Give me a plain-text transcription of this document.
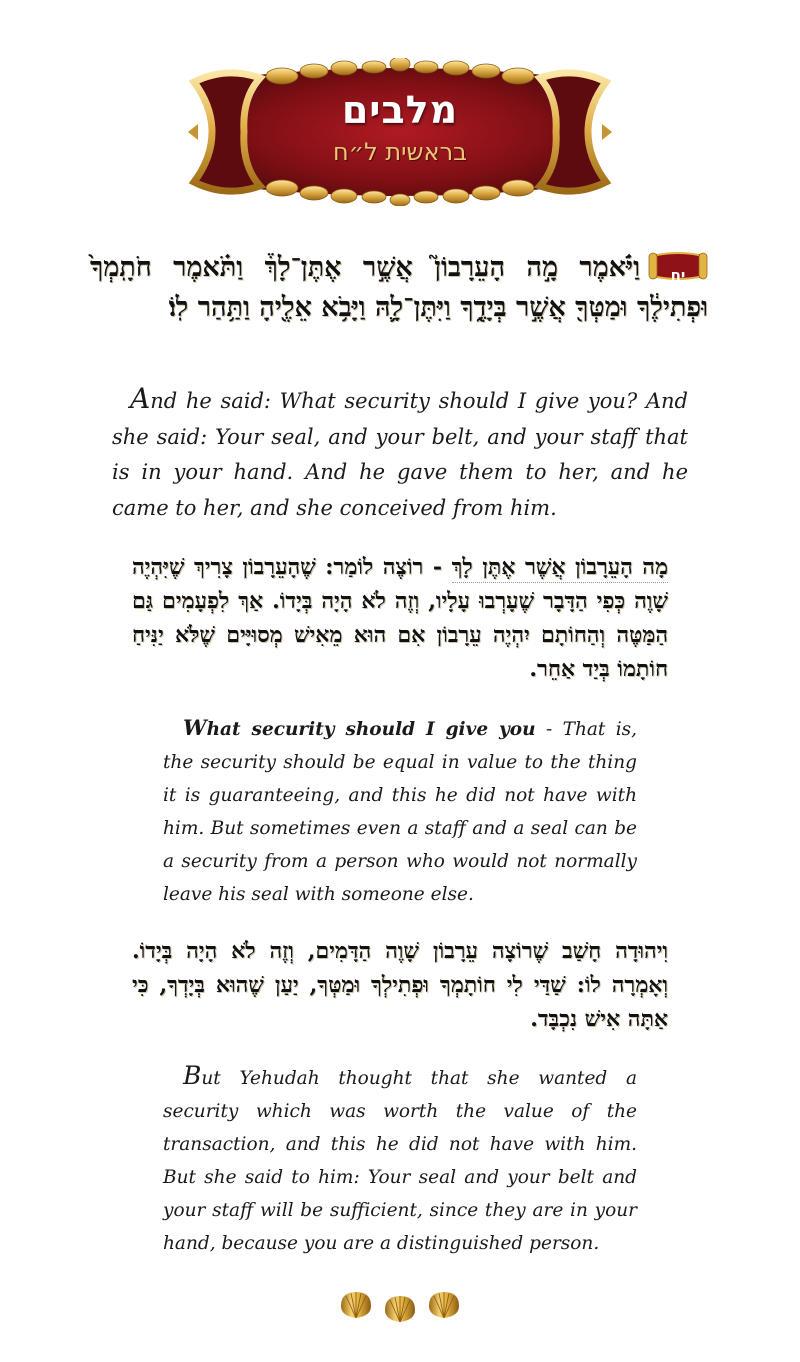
מלבים
בראשית ל״ח
יח
וַיֹּ֗אמֶר מָ֣ה הָעֵרָבוֹן֮ אֲשֶׁ֣ר אֶתֶּן־לָךְ֒ וַתֹּ֗אמֶר חֹתָֽמְךָ֙ וּפְתִילֶ֔ךָ וּמַטְּךָ֖ אֲשֶׁ֣ר בְּיָדֶ֑ךָ וַיִּתֶּן־לָ֛הּ וַיָּבֹ֥א אֵלֶ֖יהָ וַתַּ֥הַר לֽוֹ׃
And he said: What security should I give you? And she said: Your seal, and your belt, and your staff that is in your hand. And he gave them to her, and he came to her, and she conceived from him.
מָה הָעֵרָבוֹן אֲשֶׁר אֶתֶּן לָךְ - רוֹצֶה לוֹמַר: שֶׁהָעֵרָבוֹן צָרִיךְ שֶׁיִּהְיֶה שָׁוֶה כְּפִי הַדָּבָר שֶׁעָרְבוּ עָלָיו, וְזֶה לֹא הָיָה בְּיָדוֹ. אַךְ לִפְעָמִים גַּם הַמַּטֶּה וְהַחוֹתָם יִהְיֶה עֵרָבוֹן אִם הוּא מֵאִישׁ מְסוּיָּים שֶׁלֹּא יַנִּיחַ חוֹתָמוֹ בְּיַד אַחֵר.
What security should I give you - That is, the security should be equal in value to the thing it is guaranteeing, and this he did not have with him. But sometimes even a staff and a seal can be a security from a person who would not normally leave his seal with someone else.
וִיהוּדָה חָשַׁב שֶׁרוֹצָה עֵרָבוֹן שָׁוֶה הַדָּמִים, וְזֶה לֹא הָיָה בְּיָדוֹ. וְאָמְרָה לוֹ: שַׁדַּי לִי חוֹתָמְךָ וּפְתִילְךָ וּמַטְּךָ, יַעַן שֶׁהוּא בְּיָדְךָ, כִּי אַתָּה אִישׁ נִכְבָּד.
But Yehudah thought that she wanted a security which was worth the value of the transaction, and this he did not have with him. But she said to him: Your seal and your belt and your staff will be sufficient, since they are in your hand, because you are a distinguished person.
